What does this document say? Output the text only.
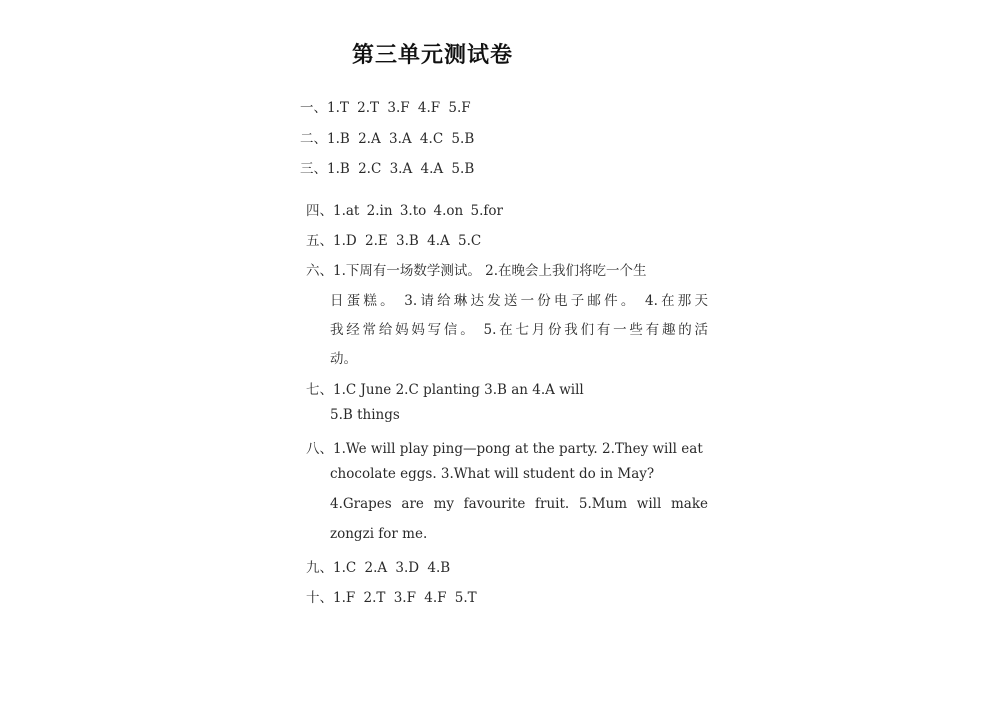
第三单元测试卷
一、1.T 2.T 3.F 4.F 5.F
二、1.B 2.A 3.A 4.C 5.B
三、1.B 2.C 3.A 4.A 5.B
四、1.at 2.in 3.to 4.on 5.for
五、1.D 2.E 3.B 4.A 5.C
六、1.下周有一场数学测试。 2.在晚会上我们将吃一个生
日蛋糕。 3.请给琳达发送一份电子邮件。 4.在那天
我经常给妈妈写信。 5.在七月份我们有一些有趣的活
动。
七、1.C June 2.C planting 3.B an 4.A will
5.B things
八、1.We will play ping—pong at the party. 2.They will eat
chocolate eggs. 3.What will student do in May?
4.Grapes are my favourite fruit. 5.Mum will make
zongzi for me.
九、1.C 2.A 3.D 4.B
十、1.F 2.T 3.F 4.F 5.T
